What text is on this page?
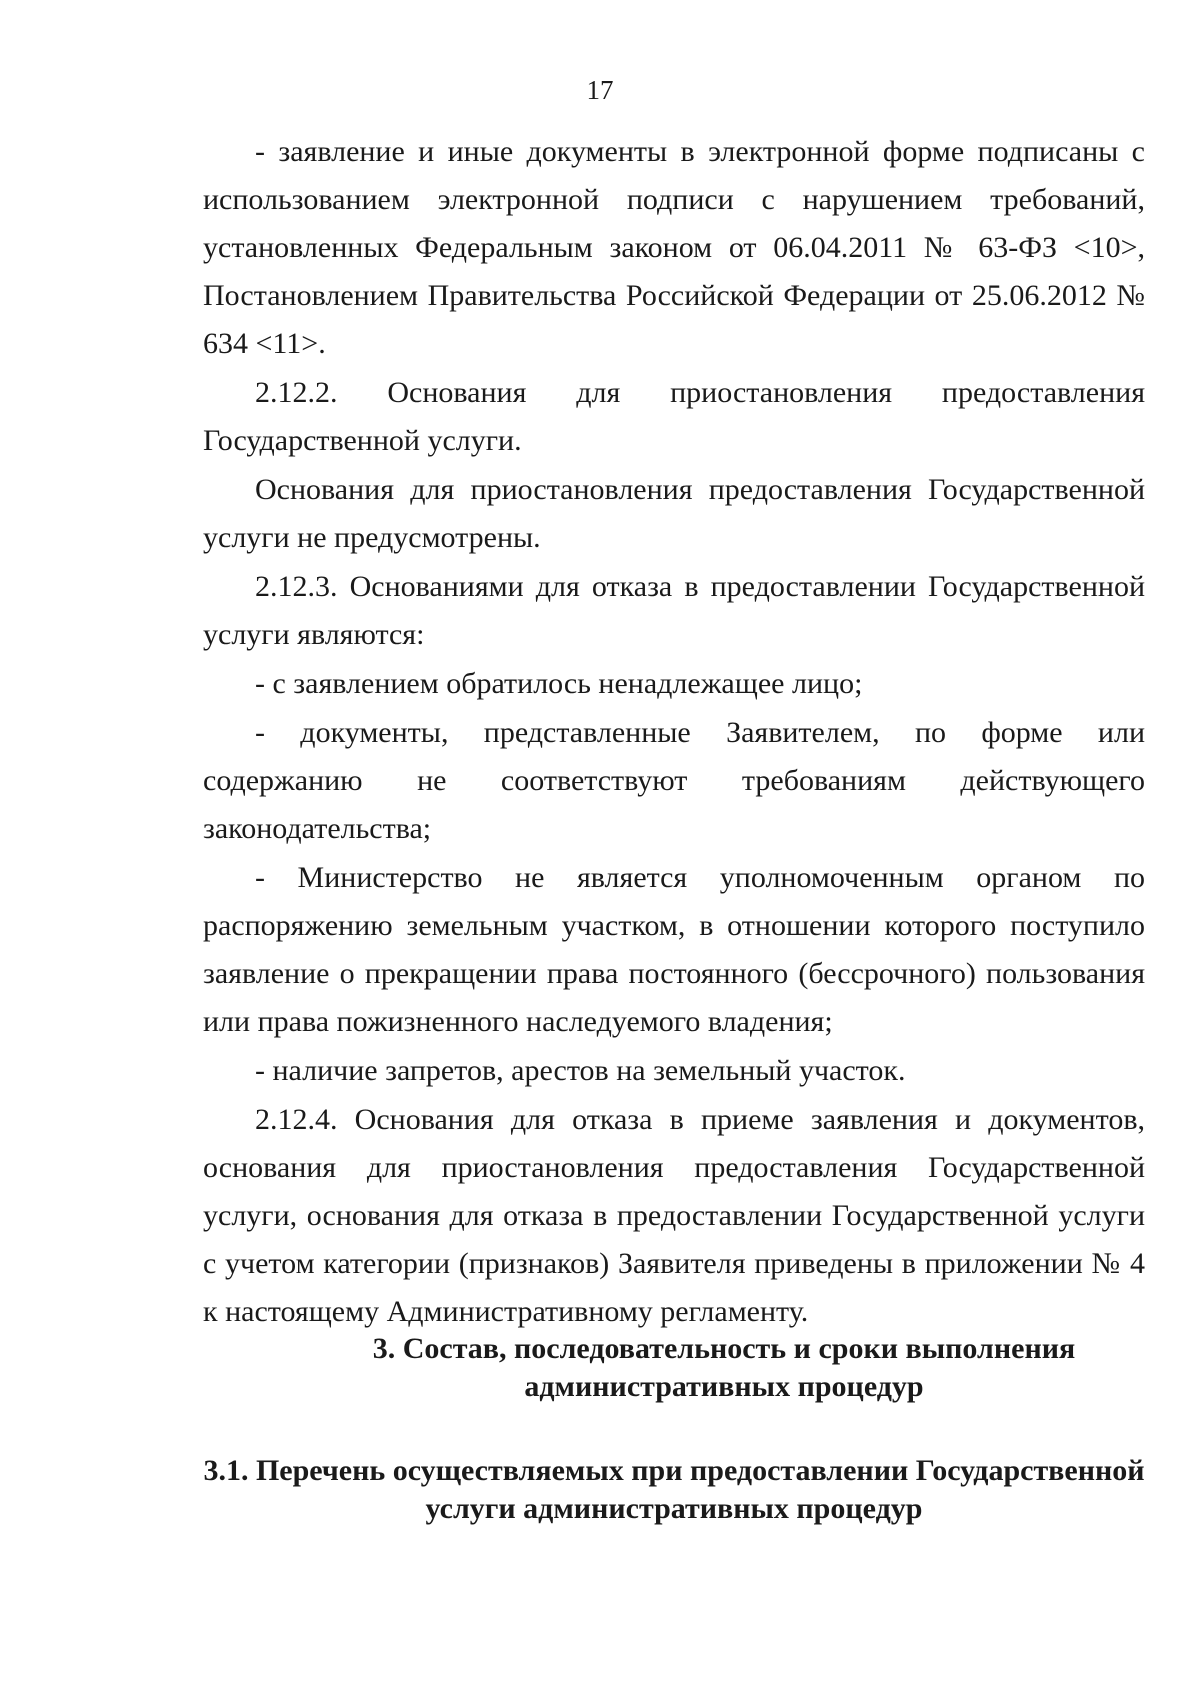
17

- заявление и иные документы в электронной форме подписаны с использованием электронной подписи с нарушением требований, установленных Федеральным законом от 06.04.2011 № 63-ФЗ <10>, Постановлением Правительства Российской Федерации от 25.06.2012 № 634 <11>.

2.12.2. Основания для приостановления предоставления Государственной услуги.

Основания для приостановления предоставления Государственной услуги не предусмотрены.

2.12.3. Основаниями для отказа в предоставлении Государственной услуги являются:

- с заявлением обратилось ненадлежащее лицо;

- документы, представленные Заявителем, по форме или содержанию не соответствуют требованиям действующего законодательства;

- Министерство не является уполномоченным органом по распоряжению земельным участком, в отношении которого поступило заявление о прекращении права постоянного (бессрочного) пользования или права пожизненного наследуемого владения;

- наличие запретов, арестов на земельный участок.

2.12.4. Основания для отказа в приеме заявления и документов, основания для приостановления предоставления Государственной услуги, основания для отказа в предоставлении Государственной услуги с учетом категории (признаков) Заявителя приведены в приложении № 4 к настоящему Административному регламенту.

3. Состав, последовательность и сроки выполнения административных процедур

3.1. Перечень осуществляемых при предоставлении Государственной услуги административных процедур
